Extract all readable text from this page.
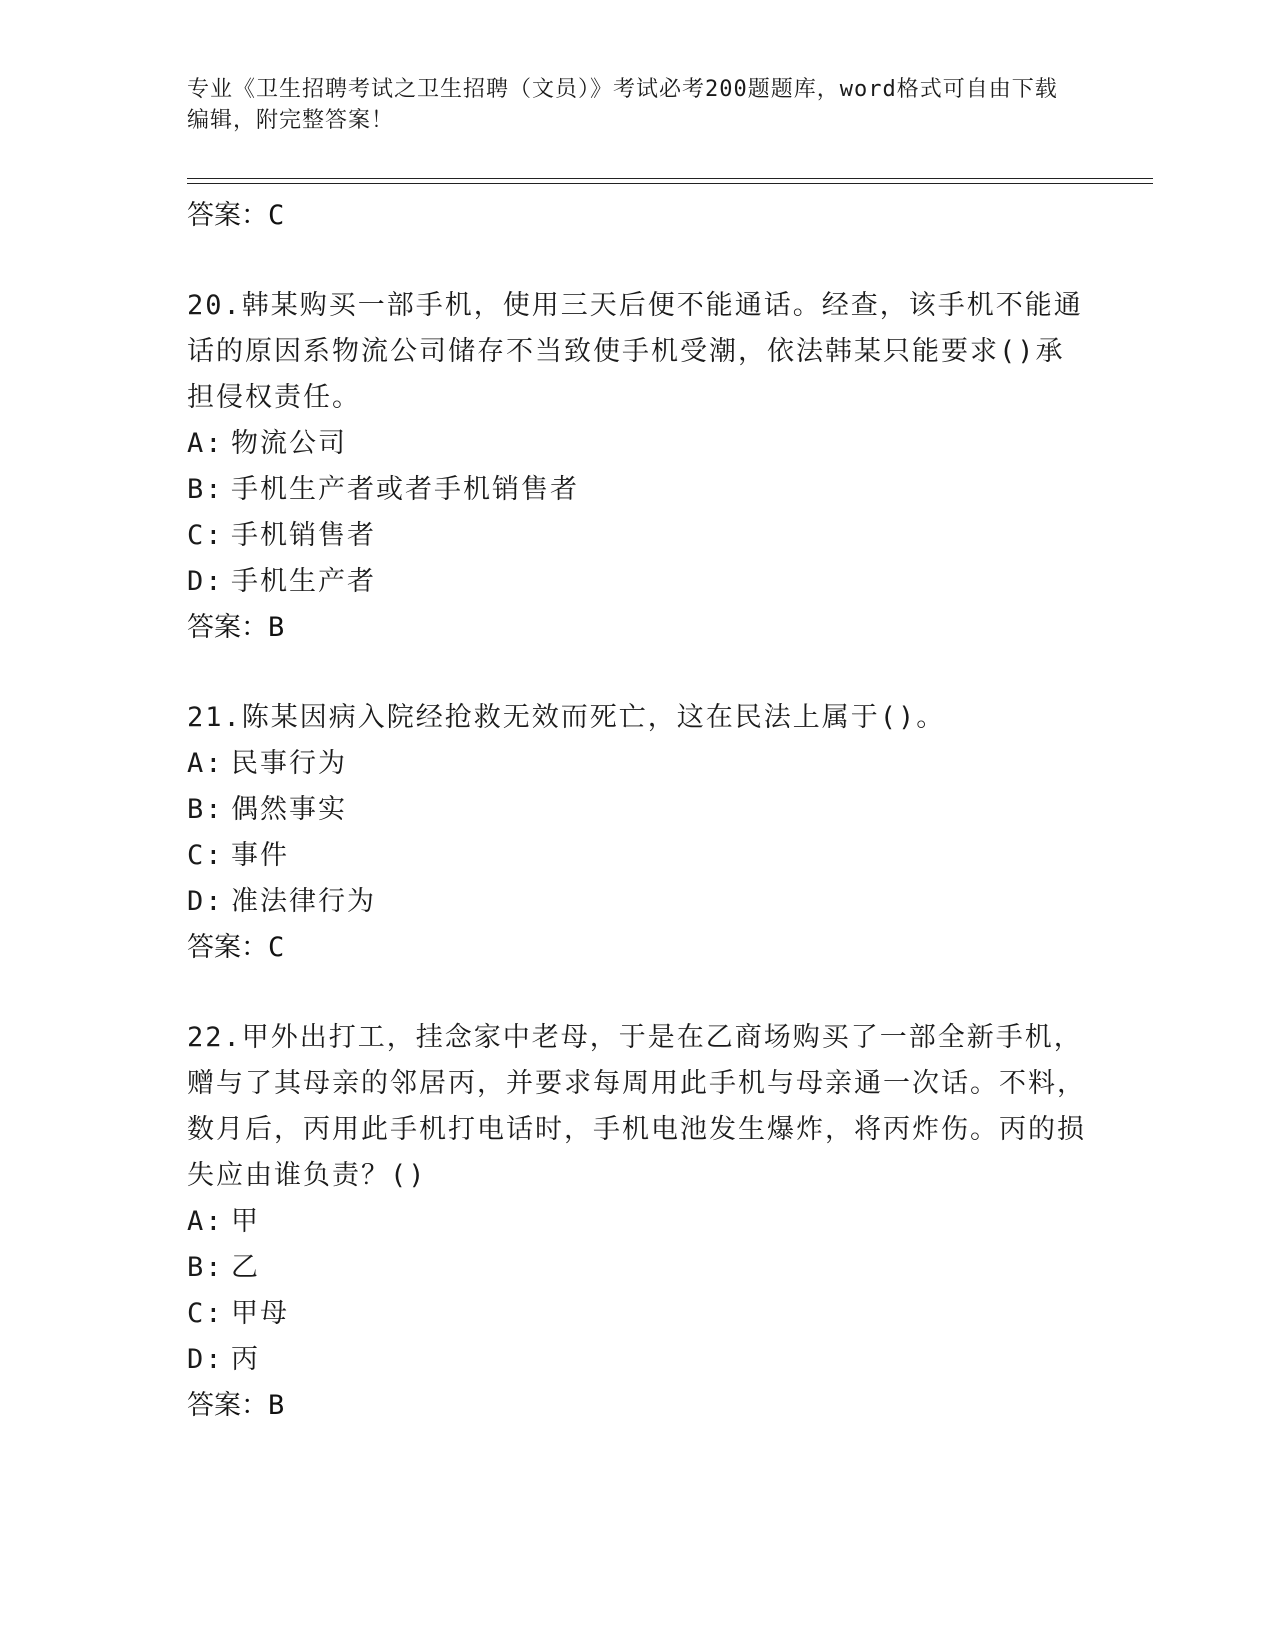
专业《卫生招聘考试之卫生招聘（文员）》考试必考200题题库，word格式可自由下载编辑，附完整答案！
答案：C
20.韩某购买一部手机，使用三天后便不能通话。经查，该手机不能通话的原因系物流公司储存不当致使手机受潮，依法韩某只能要求()承担侵权责任。
A: 物流公司
B: 手机生产者或者手机销售者
C: 手机销售者
D: 手机生产者
答案：B
21.陈某因病入院经抢救无效而死亡，这在民法上属于()。
A: 民事行为
B: 偶然事实
C: 事件
D: 准法律行为
答案：C
22.甲外出打工，挂念家中老母，于是在乙商场购买了一部全新手机，赠与了其母亲的邻居丙，并要求每周用此手机与母亲通一次话。不料，数月后，丙用此手机打电话时，手机电池发生爆炸，将丙炸伤。丙的损失应由谁负责？()
A: 甲
B: 乙
C: 甲母
D: 丙
答案：B
